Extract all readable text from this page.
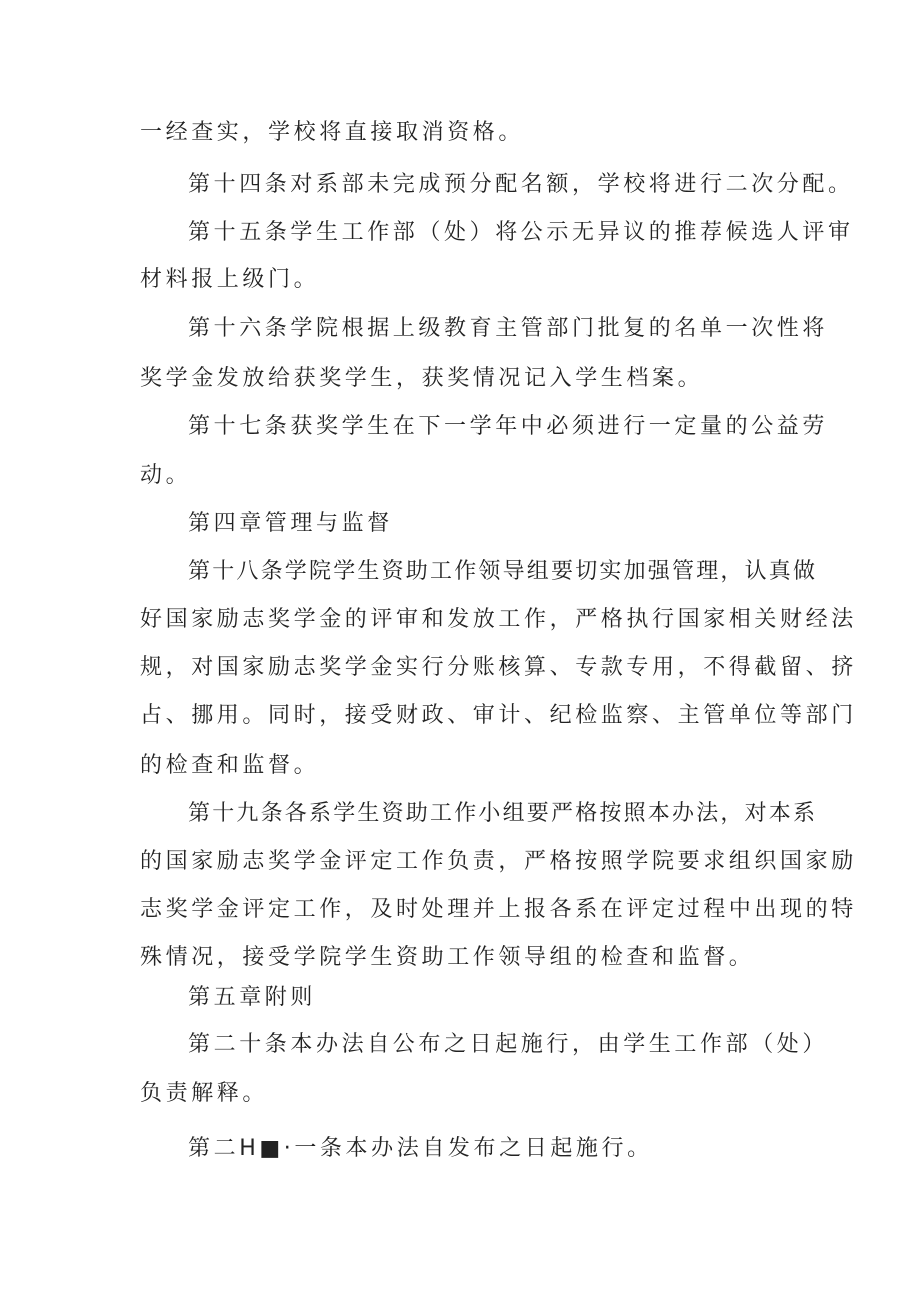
一经查实，学校将直接取消资格。
第十四条对系部未完成预分配名额，学校将进行二次分配。
第十五条学生工作部（处）将公示无异议的推荐候选人评审
材料报上级门。
第十六条学院根据上级教育主管部门批复的名单一次性将
奖学金发放给获奖学生，获奖情况记入学生档案。
第十七条获奖学生在下一学年中必须进行一定量的公益劳
动。
第四章管理与监督
第十八条学院学生资助工作领导组要切实加强管理，认真做
好国家励志奖学金的评审和发放工作，严格执行国家相关财经法
规，对国家励志奖学金实行分账核算、专款专用，不得截留、挤
占、挪用。同时，接受财政、审计、纪检监察、主管单位等部门
的检查和监督。
第十九条各系学生资助工作小组要严格按照本办法，对本系
的国家励志奖学金评定工作负责，严格按照学院要求组织国家励
志奖学金评定工作，及时处理并上报各系在评定过程中出现的特
殊情况，接受学院学生资助工作领导组的检查和监督。
第五章附则
第二十条本办法自公布之日起施行，由学生工作部（处）
负责解释。
第二H■·一条本办法自发布之日起施行。
